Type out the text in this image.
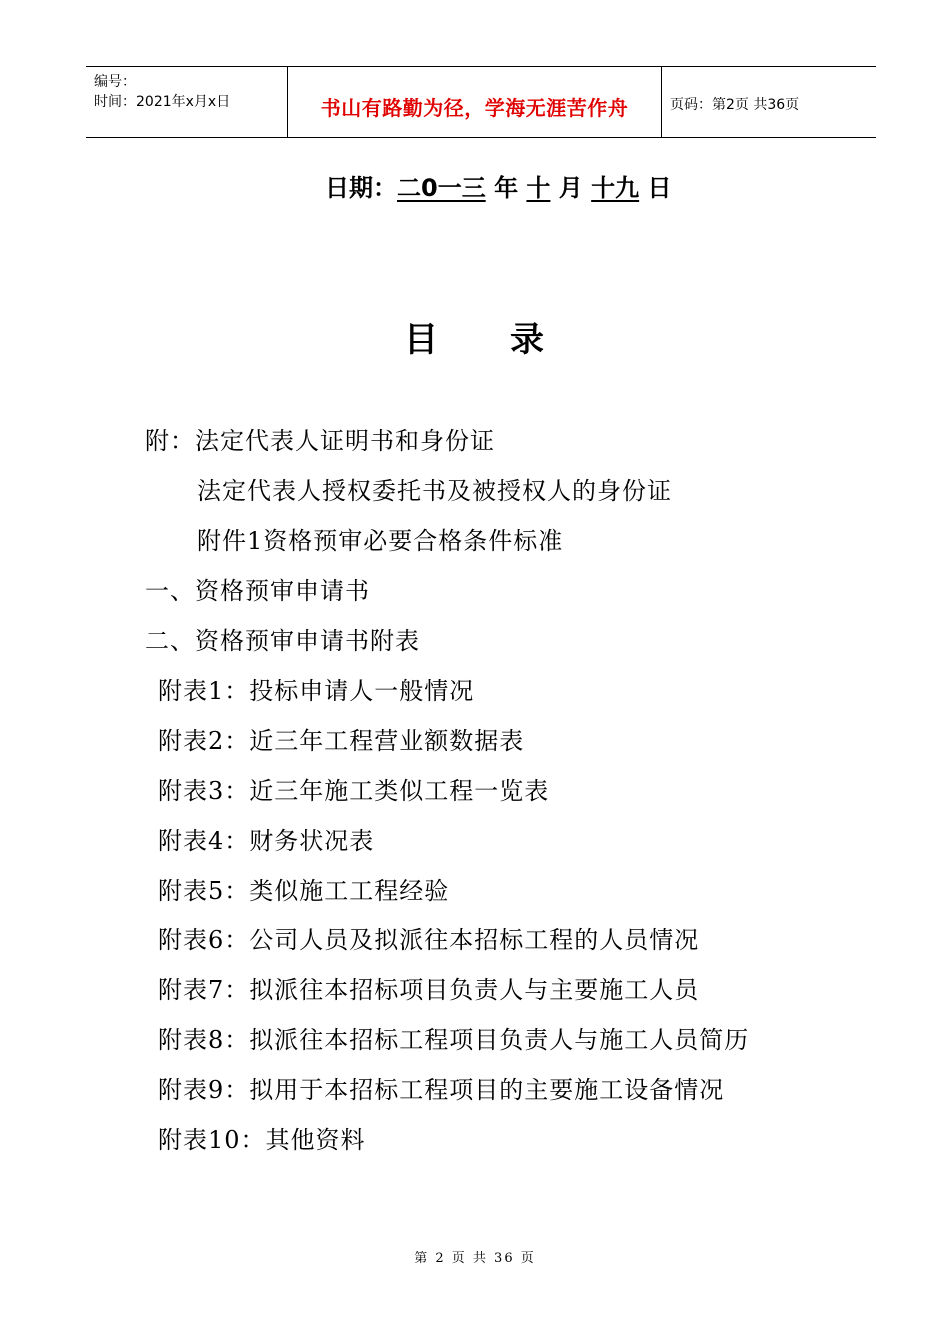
编号：
时间：2021年x月x日	书山有路勤为径，学海无涯苦作舟	页码：第2页 共36页
日期：二0一三 年 十 月 十九 日
目 录
附：法定代表人证明书和身份证
法定代表人授权委托书及被授权人的身份证
附件1资格预审必要合格条件标准
一、资格预审申请书
二、资格预审申请书附表
附表1：投标申请人一般情况
附表2：近三年工程营业额数据表
附表3：近三年施工类似工程一览表
附表4：财务状况表
附表5：类似施工工程经验
附表6：公司人员及拟派往本招标工程的人员情况
附表7：拟派往本招标项目负责人与主要施工人员
附表8：拟派往本招标工程项目负责人与施工人员简历
附表9：拟用于本招标工程项目的主要施工设备情况
附表10：其他资料
第 2 页 共 36 页
